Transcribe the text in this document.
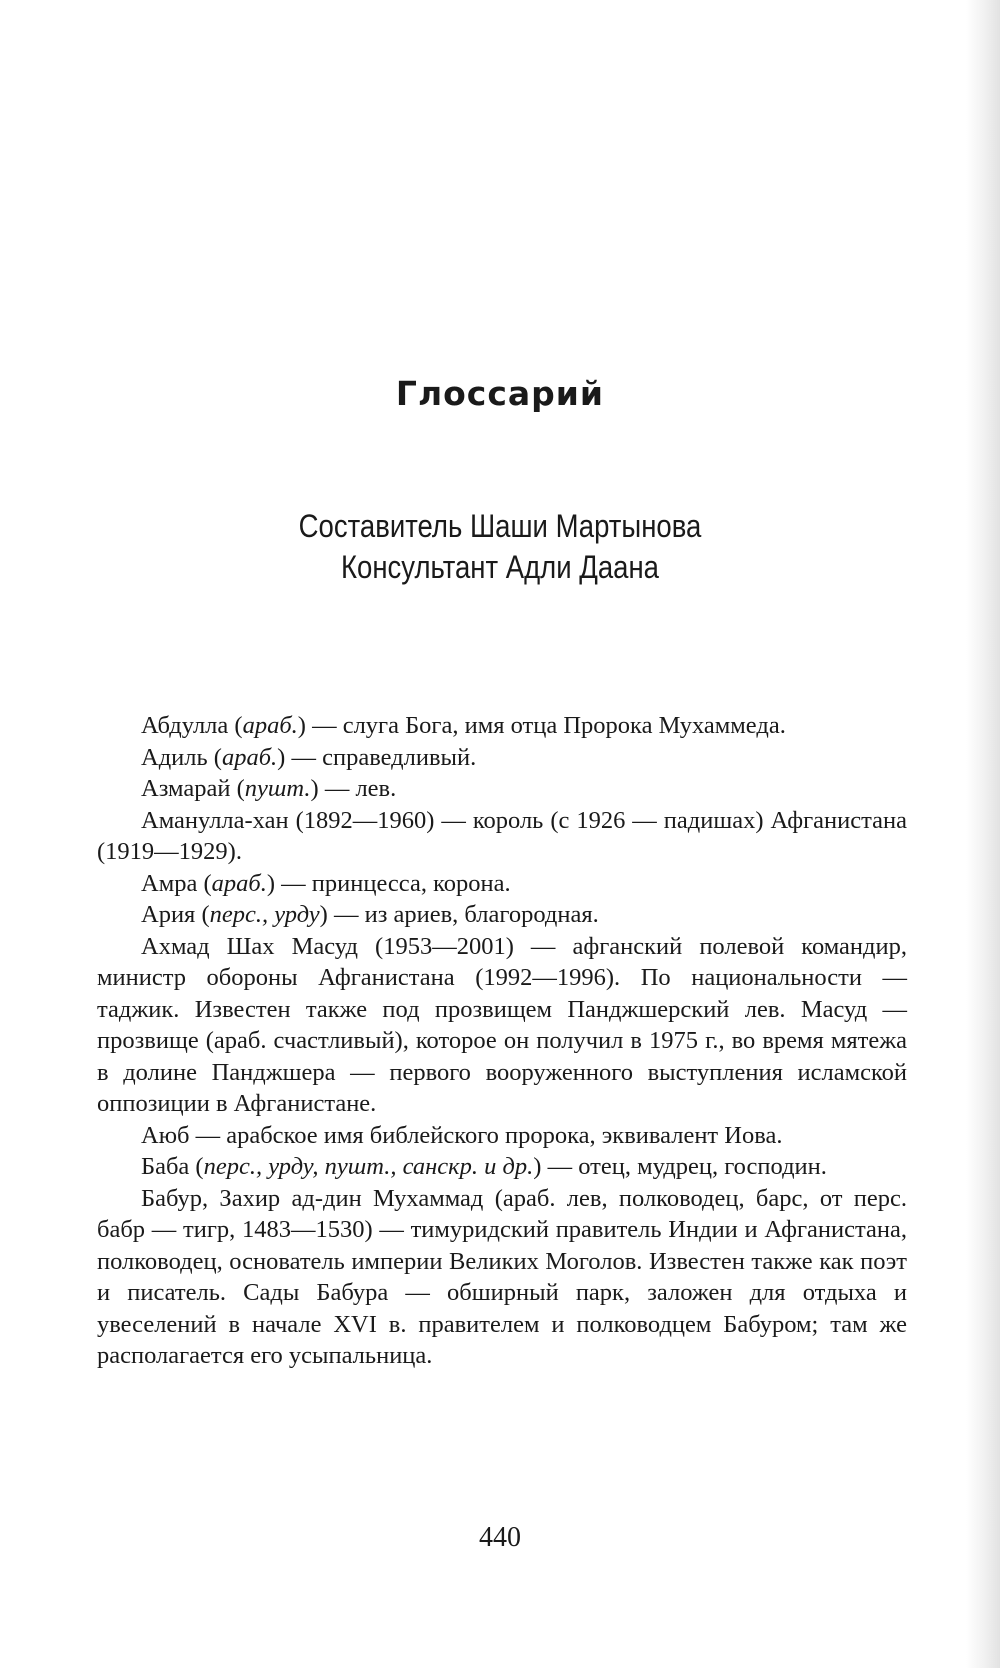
Глоссарий
Составитель Шаши Мартынова
Консультант Адли Даана

Абдулла (араб.) — слуга Бога, имя отца Пророка Мухаммеда.

Адиль (араб.) — справедливый.

Азмарай (пушт.) — лев.

Аманулла-хан (1892—1960) — король (с 1926 — падишах) Афганистана (1919—1929).

Амра (араб.) — принцесса, корона.

Ария (перс., урду) — из ариев, благородная.

Ахмад Шах Масуд (1953—2001) — афганский полевой командир, министр обороны Афганистана (1992—1996). По национальности — таджик. Известен также под прозвищем Панджшерский лев. Масуд — прозвище (араб. счастливый), которое он получил в 1975 г., во время мятежа в долине Панджшера — первого вооруженного выступления исламской оппозиции в Афганистане.

Аюб — арабское имя библейского пророка, эквивалент Иова.

Баба (перс., урду, пушт., санскр. и др.) — отец, мудрец, господин.

Бабур, Захир ад-дин Мухаммад (араб. лев, полководец, барс, от перс. бабр — тигр, 1483—1530) — тимуридский правитель Индии и Афганистана, полководец, основатель империи Великих Моголов. Известен также как поэт и писатель. Сады Бабура — обширный парк, заложен для отдыха и увеселений в начале XVI в. правителем и полководцем Бабуром; там же располагается его усыпальница.

440
